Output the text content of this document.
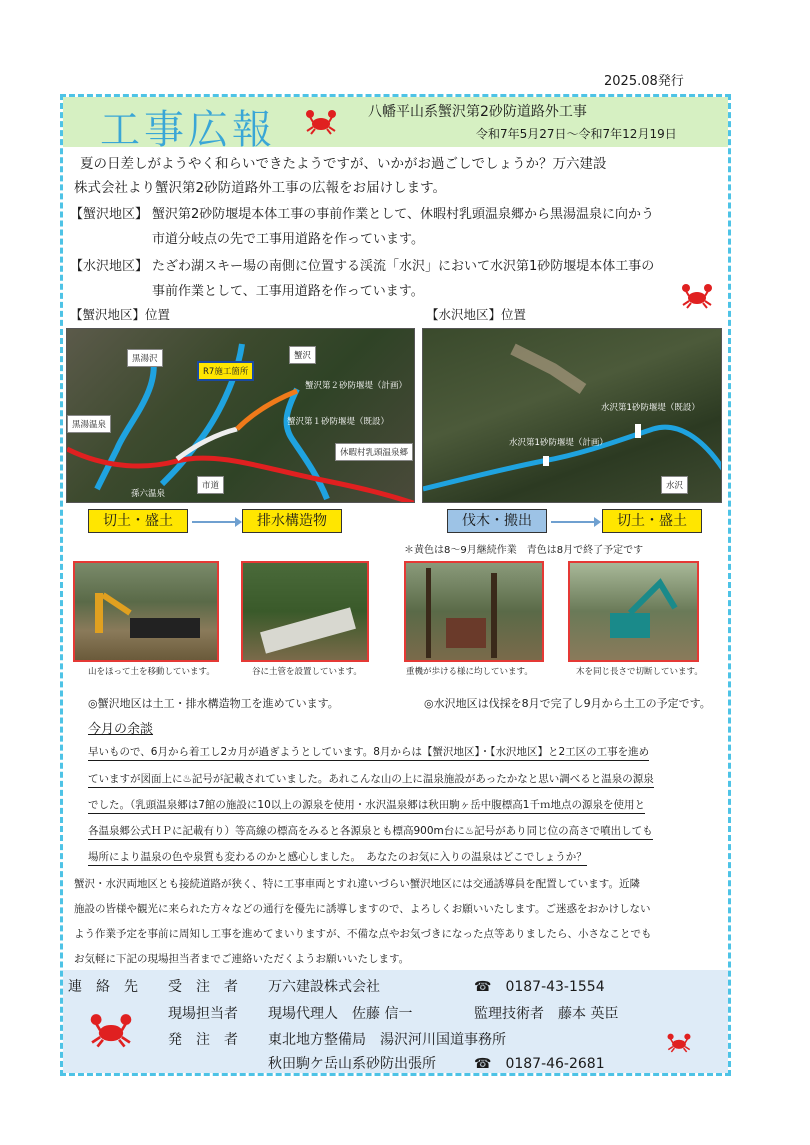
2025.08発行
工事広報	八幡平山系蟹沢第2砂防道路外工事
令和7年5月27日～令和7年12月19日
夏の日差しがようやく和らいできたようですが、いかがお過ごしでしょうか？万六建設
株式会社より蟹沢第2砂防道路外工事の広報をお届けします。
【蟹沢地区】 蟹沢第2砂防堰堤本体工事の事前作業として、休暇村乳頭温泉郷から黒湯温泉に向かう
市道分岐点の先で工事用道路を作っています。
【水沢地区】 たざわ湖スキー場の南側に位置する渓流「水沢」において水沢第1砂防堰堤本体工事の
事前作業として、工事用道路を作っています。
【蟹沢地区】位置	【水沢地区】位置
黒湯沢
R7施工箇所
蟹沢
蟹沢第２砂防堰堤（計画）
蟹沢第１砂防堰堤（既設）
黒湯温泉
休暇村乳頭温泉郷
孫六温泉
市道
水沢第1砂防堰堤（既設）
水沢第1砂防堰堤（計画）
水沢
切土・盛土	排水構造物	伐木・搬出	切土・盛土
＊黄色は8～9月継続作業　青色は8月で終了予定です
山をほって土を移動しています。	谷に土管を設置しています。	重機が歩ける様に均しています。	木を同じ長さで切断しています。
◎蟹沢地区は土工・排水構造物工を進めています。	◎水沢地区は伐採を8月で完了し9月から土工の予定です。
今月の余談
早いもので、6月から着工し2カ月が過ぎようとしています。8月からは【蟹沢地区】・【水沢地区】と2工区の工事を進め
ていますが図面上に♨記号が記載されていました。あれこんな山の上に温泉施設があったかなと思い調べると温泉の源泉
でした。（乳頭温泉郷は7館の施設に10以上の源泉を使用・水沢温泉郷は秋田駒ヶ岳中腹標高1千ｍ地点の源泉を使用と
各温泉郷公式ＨＰに記載有り）等高線の標高をみると各源泉とも標高900m台に♨記号があり同じ位の高さで噴出しても
場所により温泉の色や泉質も変わるのかと感心しました。　あなたのお気に入りの温泉はどこでしょうか？
蟹沢・水沢両地区とも接続道路が狭く、特に工事車両とすれ違いづらい蟹沢地区には交通誘導員を配置しています。近隣
施設の皆様や観光に来られた方々などの通行を優先に誘導しますので、よろしくお願いいたします。ご迷惑をおかけしない
よう作業予定を事前に周知し工事を進めてまいりますが、不備な点やお気づきになった点等ありましたら、小さなことでも
お気軽に下記の現場担当者までご連絡いただくようお願いいたします。
連　絡　先 受　注　者 万六建設株式会社	☎　0187-43-1554
現場担当者 現場代理人　佐藤 信一	監理技術者　藤本 英臣
発　注　者 東北地方整備局　湯沢河川国道事務所
秋田駒ケ岳山系砂防出張所	☎　0187-46-2681
